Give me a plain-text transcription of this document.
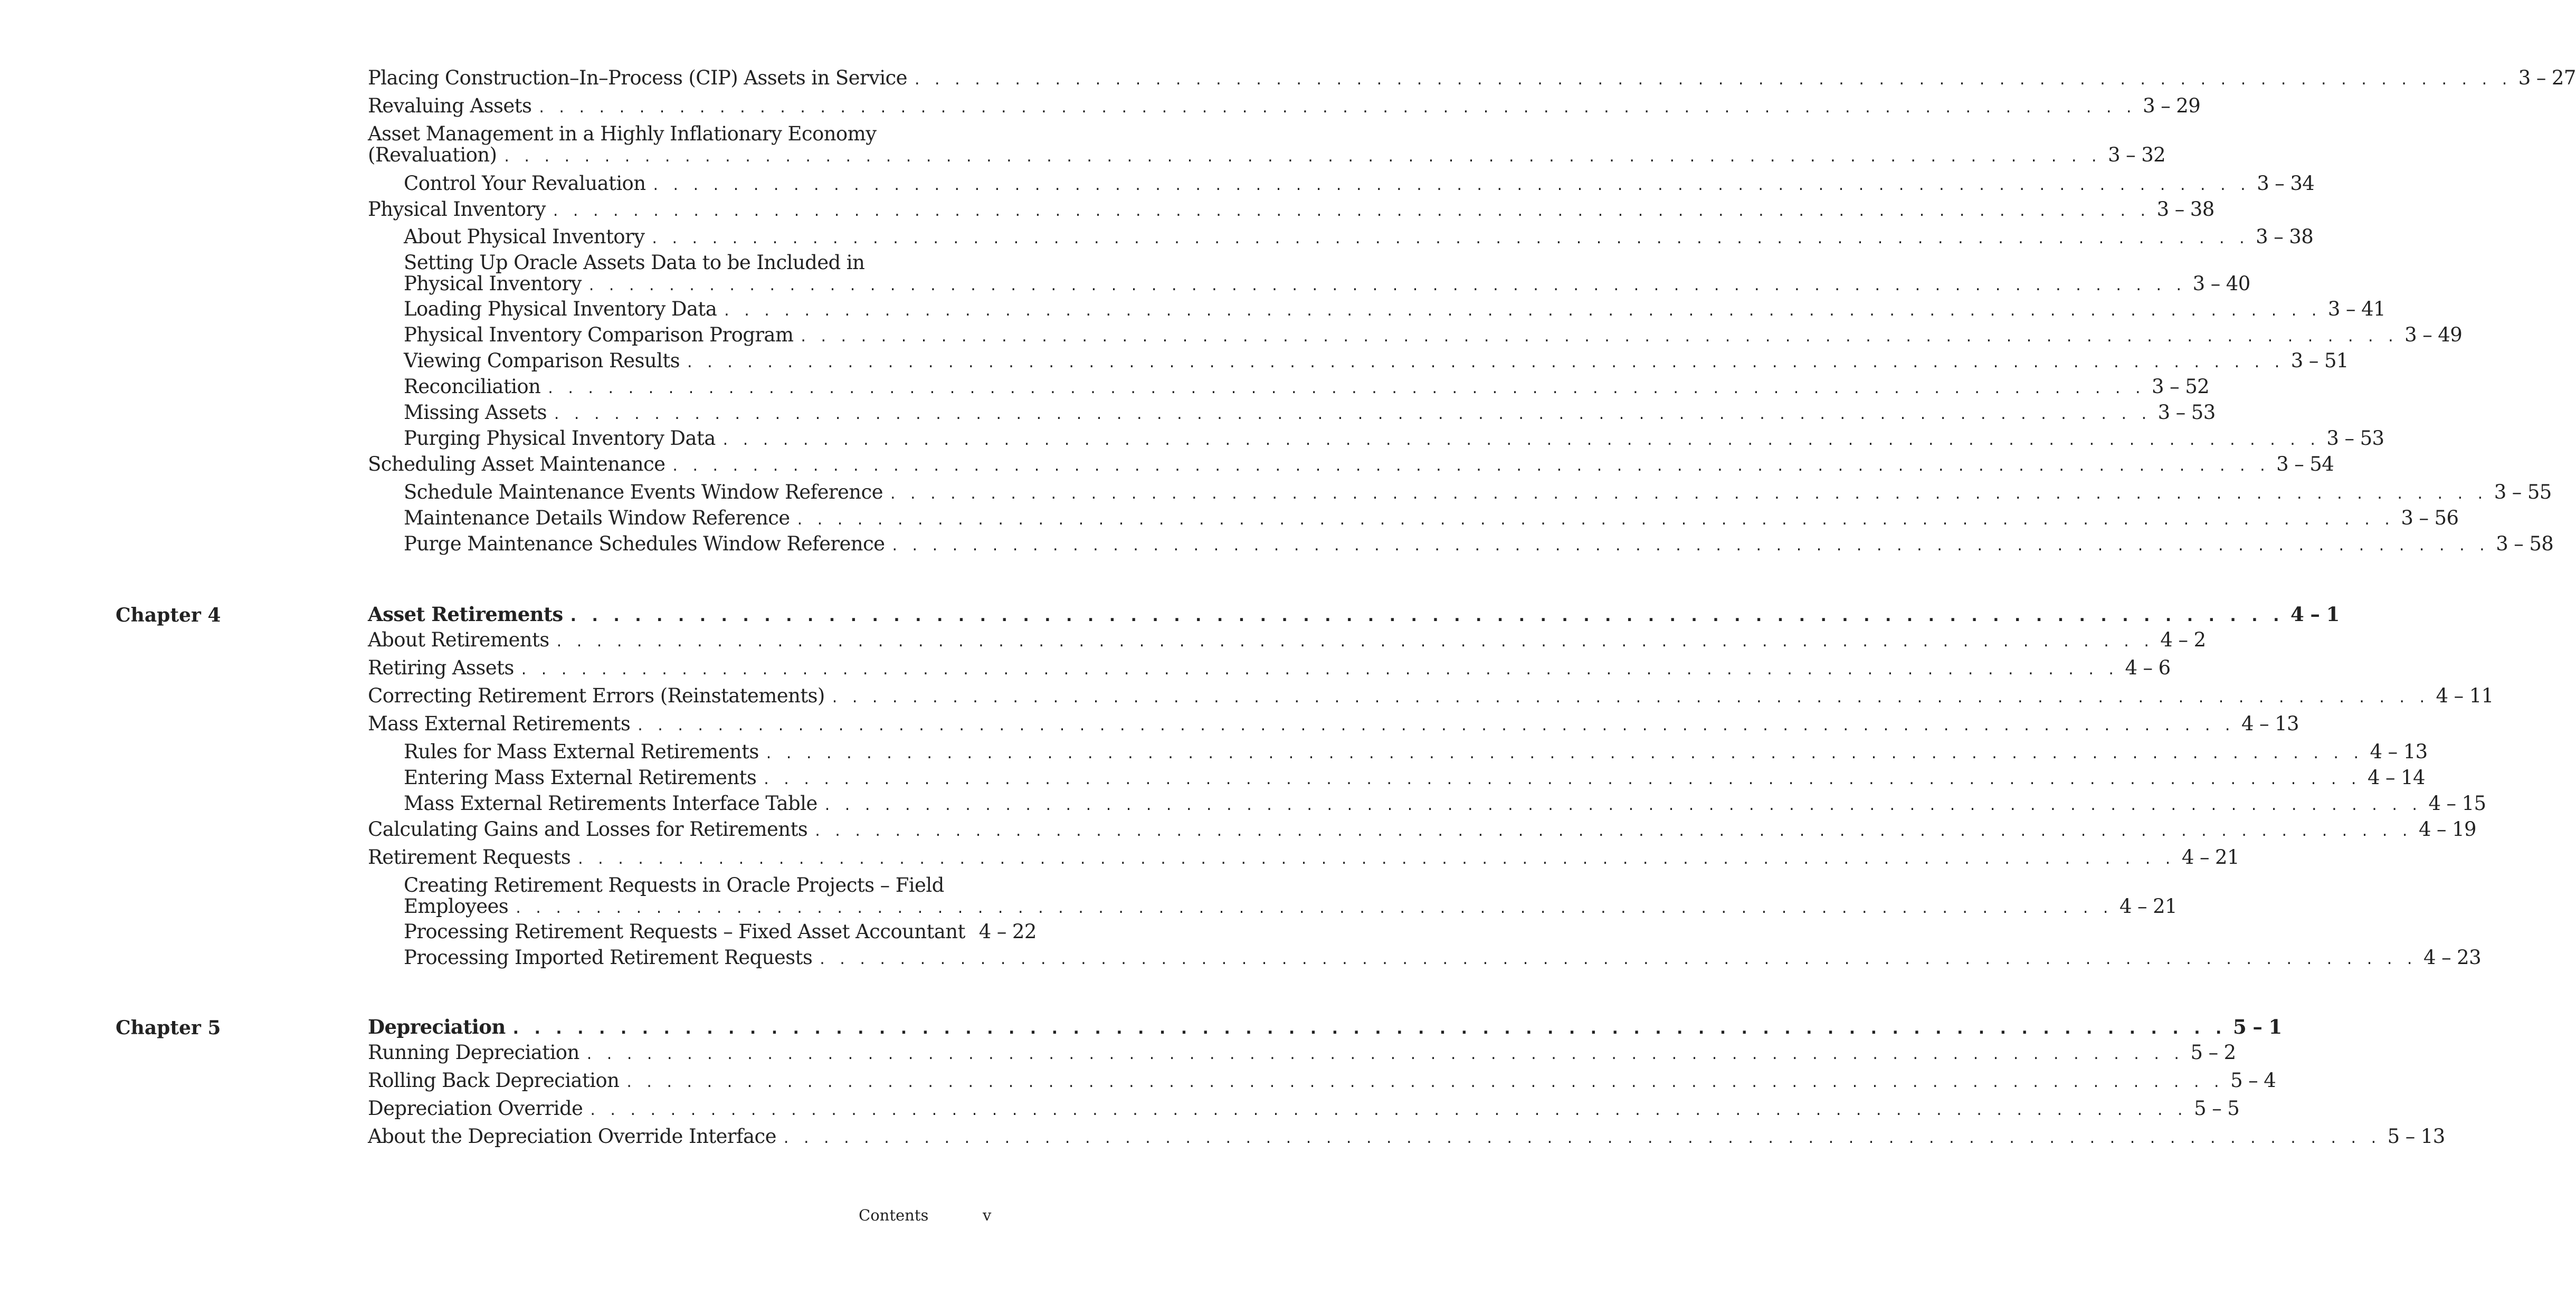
Chapter 4
Chapter 5
Placing Construction–In–Process (CIP) Assets in Service . . . . . . . . . . . . . . . . . . . . . . . . . . . . . . . . . . . . . . . . . . . . . . . . . . . . . . . . . . . . . . . . . . . . . . . . . . . . . . . . 3 – 27
Revaluing Assets . . . . . . . . . . . . . . . . . . . . . . . . . . . . . . . . . . . . . . . . . . . . . . . . . . . . . . . . . . . . . . . . . . . . . . . . . . . . . . . . 3 – 29
Asset Management in a Highly Inflationary Economy
(Revaluation) . . . . . . . . . . . . . . . . . . . . . . . . . . . . . . . . . . . . . . . . . . . . . . . . . . . . . . . . . . . . . . . . . . . . . . . . . . . . . . . . 3 – 32
Control Your Revaluation . . . . . . . . . . . . . . . . . . . . . . . . . . . . . . . . . . . . . . . . . . . . . . . . . . . . . . . . . . . . . . . . . . . . . . . . . . . . . . . . 3 – 34
Physical Inventory . . . . . . . . . . . . . . . . . . . . . . . . . . . . . . . . . . . . . . . . . . . . . . . . . . . . . . . . . . . . . . . . . . . . . . . . . . . . . . . . 3 – 38
About Physical Inventory . . . . . . . . . . . . . . . . . . . . . . . . . . . . . . . . . . . . . . . . . . . . . . . . . . . . . . . . . . . . . . . . . . . . . . . . . . . . . . . . 3 – 38
Setting Up Oracle Assets Data to be Included in
Physical Inventory . . . . . . . . . . . . . . . . . . . . . . . . . . . . . . . . . . . . . . . . . . . . . . . . . . . . . . . . . . . . . . . . . . . . . . . . . . . . . . . . 3 – 40
Loading Physical Inventory Data . . . . . . . . . . . . . . . . . . . . . . . . . . . . . . . . . . . . . . . . . . . . . . . . . . . . . . . . . . . . . . . . . . . . . . . . . . . . . . . . 3 – 41
Physical Inventory Comparison Program . . . . . . . . . . . . . . . . . . . . . . . . . . . . . . . . . . . . . . . . . . . . . . . . . . . . . . . . . . . . . . . . . . . . . . . . . . . . . . . . 3 – 49
Viewing Comparison Results . . . . . . . . . . . . . . . . . . . . . . . . . . . . . . . . . . . . . . . . . . . . . . . . . . . . . . . . . . . . . . . . . . . . . . . . . . . . . . . . 3 – 51
Reconciliation . . . . . . . . . . . . . . . . . . . . . . . . . . . . . . . . . . . . . . . . . . . . . . . . . . . . . . . . . . . . . . . . . . . . . . . . . . . . . . . . 3 – 52
Missing Assets . . . . . . . . . . . . . . . . . . . . . . . . . . . . . . . . . . . . . . . . . . . . . . . . . . . . . . . . . . . . . . . . . . . . . . . . . . . . . . . . 3 – 53
Purging Physical Inventory Data . . . . . . . . . . . . . . . . . . . . . . . . . . . . . . . . . . . . . . . . . . . . . . . . . . . . . . . . . . . . . . . . . . . . . . . . . . . . . . . . 3 – 53
Scheduling Asset Maintenance . . . . . . . . . . . . . . . . . . . . . . . . . . . . . . . . . . . . . . . . . . . . . . . . . . . . . . . . . . . . . . . . . . . . . . . . . . . . . . . . 3 – 54
Schedule Maintenance Events Window Reference . . . . . . . . . . . . . . . . . . . . . . . . . . . . . . . . . . . . . . . . . . . . . . . . . . . . . . . . . . . . . . . . . . . . . . . . . . . . . . . . 3 – 55
Maintenance Details Window Reference . . . . . . . . . . . . . . . . . . . . . . . . . . . . . . . . . . . . . . . . . . . . . . . . . . . . . . . . . . . . . . . . . . . . . . . . . . . . . . . . 3 – 56
Purge Maintenance Schedules Window Reference . . . . . . . . . . . . . . . . . . . . . . . . . . . . . . . . . . . . . . . . . . . . . . . . . . . . . . . . . . . . . . . . . . . . . . . . . . . . . . . . 3 – 58
Asset Retirements . . . . . . . . . . . . . . . . . . . . . . . . . . . . . . . . . . . . . . . . . . . . . . . . . . . . . . . . . . . . . . . . . . . . . . . . . . . . . . . . 4 – 1
About Retirements . . . . . . . . . . . . . . . . . . . . . . . . . . . . . . . . . . . . . . . . . . . . . . . . . . . . . . . . . . . . . . . . . . . . . . . . . . . . . . . . 4 – 2
Retiring Assets . . . . . . . . . . . . . . . . . . . . . . . . . . . . . . . . . . . . . . . . . . . . . . . . . . . . . . . . . . . . . . . . . . . . . . . . . . . . . . . . 4 – 6
Correcting Retirement Errors (Reinstatements) . . . . . . . . . . . . . . . . . . . . . . . . . . . . . . . . . . . . . . . . . . . . . . . . . . . . . . . . . . . . . . . . . . . . . . . . . . . . . . . . 4 – 11
Mass External Retirements . . . . . . . . . . . . . . . . . . . . . . . . . . . . . . . . . . . . . . . . . . . . . . . . . . . . . . . . . . . . . . . . . . . . . . . . . . . . . . . . 4 – 13
Rules for Mass External Retirements . . . . . . . . . . . . . . . . . . . . . . . . . . . . . . . . . . . . . . . . . . . . . . . . . . . . . . . . . . . . . . . . . . . . . . . . . . . . . . . . 4 – 13
Entering Mass External Retirements . . . . . . . . . . . . . . . . . . . . . . . . . . . . . . . . . . . . . . . . . . . . . . . . . . . . . . . . . . . . . . . . . . . . . . . . . . . . . . . . 4 – 14
Mass External Retirements Interface Table . . . . . . . . . . . . . . . . . . . . . . . . . . . . . . . . . . . . . . . . . . . . . . . . . . . . . . . . . . . . . . . . . . . . . . . . . . . . . . . . 4 – 15
Calculating Gains and Losses for Retirements . . . . . . . . . . . . . . . . . . . . . . . . . . . . . . . . . . . . . . . . . . . . . . . . . . . . . . . . . . . . . . . . . . . . . . . . . . . . . . . . 4 – 19
Retirement Requests . . . . . . . . . . . . . . . . . . . . . . . . . . . . . . . . . . . . . . . . . . . . . . . . . . . . . . . . . . . . . . . . . . . . . . . . . . . . . . . . 4 – 21
Creating Retirement Requests in Oracle Projects – Field
Employees . . . . . . . . . . . . . . . . . . . . . . . . . . . . . . . . . . . . . . . . . . . . . . . . . . . . . . . . . . . . . . . . . . . . . . . . . . . . . . . . 4 – 21
Processing Retirement Requests – Fixed Asset Accountant 4 – 22
Processing Imported Retirement Requests . . . . . . . . . . . . . . . . . . . . . . . . . . . . . . . . . . . . . . . . . . . . . . . . . . . . . . . . . . . . . . . . . . . . . . . . . . . . . . . . 4 – 23
Depreciation . . . . . . . . . . . . . . . . . . . . . . . . . . . . . . . . . . . . . . . . . . . . . . . . . . . . . . . . . . . . . . . . . . . . . . . . . . . . . . . . 5 – 1
Running Depreciation . . . . . . . . . . . . . . . . . . . . . . . . . . . . . . . . . . . . . . . . . . . . . . . . . . . . . . . . . . . . . . . . . . . . . . . . . . . . . . . . 5 – 2
Rolling Back Depreciation . . . . . . . . . . . . . . . . . . . . . . . . . . . . . . . . . . . . . . . . . . . . . . . . . . . . . . . . . . . . . . . . . . . . . . . . . . . . . . . . 5 – 4
Depreciation Override . . . . . . . . . . . . . . . . . . . . . . . . . . . . . . . . . . . . . . . . . . . . . . . . . . . . . . . . . . . . . . . . . . . . . . . . . . . . . . . . 5 – 5
About the Depreciation Override Interface . . . . . . . . . . . . . . . . . . . . . . . . . . . . . . . . . . . . . . . . . . . . . . . . . . . . . . . . . . . . . . . . . . . . . . . . . . . . . . . . 5 – 13
Contents	v
